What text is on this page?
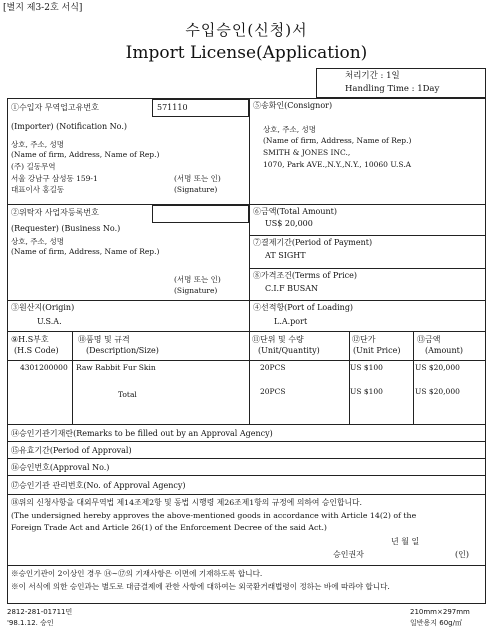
[별지 제3-2호 서식]
수입승인(신청)서
Import License(Application)
처리기간 : 1일
Handling Time : 1Day
①수입자 무역업고유번호	571110
(Importer) (Notification No.)
상호, 주소, 성명
(Name of firm, Address, Name of Rep.)
(주) 길동무역
서울 강남구 삼성동 159-1
대표이사 홍길동
(서명 또는 인)
(Signature)
⑤송화인(Consignor)
상호, 주소, 성명
(Name of firm, Address, Name of Rep.)
SMITH & JONES INC.,
1070, Park AVE.,N.Y.,N.Y., 10060 U.S.A
②위탁자 사업자등록번호
(Requester) (Business No.)
상호, 주소, 성명
(Name of firm, Address, Name of Rep.)
(서명 또는 인)
(Signature)
⑥금액(Total Amount)
US$ 20,000
⑦결제기간(Period of Payment)
AT SIGHT
⑧가격조건(Terms of Price)
C.I.F BUSAN
③원산지(Origin)
U.S.A.
④선적항(Port of Loading)
L.A.port
⑨H.S부호
(H.S Code)
⑩품명 및 규격
(Description/Size)
⑪단위 및 수량
(Unit/Quantity)
⑫단가
(Unit Price)
⑬금액
(Amount)
4301200000 Raw Rabbit Fur Skin	20PCS	US $100	US $20,000
Total	20PCS	US $100	US $20,000
⑭승인기관기재란(Remarks to be filled out by an Approval Agency)
⑮유효기간(Period of Approval)
⑯승인번호(Approval No.)
⑰승인기관 관리번호(No. of Approval Agency)
⑱위의 신청사항을 대외무역법 제14조제2항 및 동법 시행령 제26조제1항의 규정에 의하여 승인합니다.
(The undersigned hereby approves the above-mentioned goods in accordance with Article 14(2) of the
Foreign Trade Act and Article 26(1) of the Enforcement Decree of the said Act.)
년 월 일
승인권자	(인)
※승인기관이 2이상인 경우 ⑭~⑰의 기재사항은 이면에 기재하도록 합니다.
※이 서식에 의한 승인과는 별도로 대금결제에 관한 사항에 대하여는 외국환거래법령이 정하는 바에 따라야 합니다.
2812-281-01711민
'98.1.12. 승인
210mm×297mm
일반용지 60g/㎡
